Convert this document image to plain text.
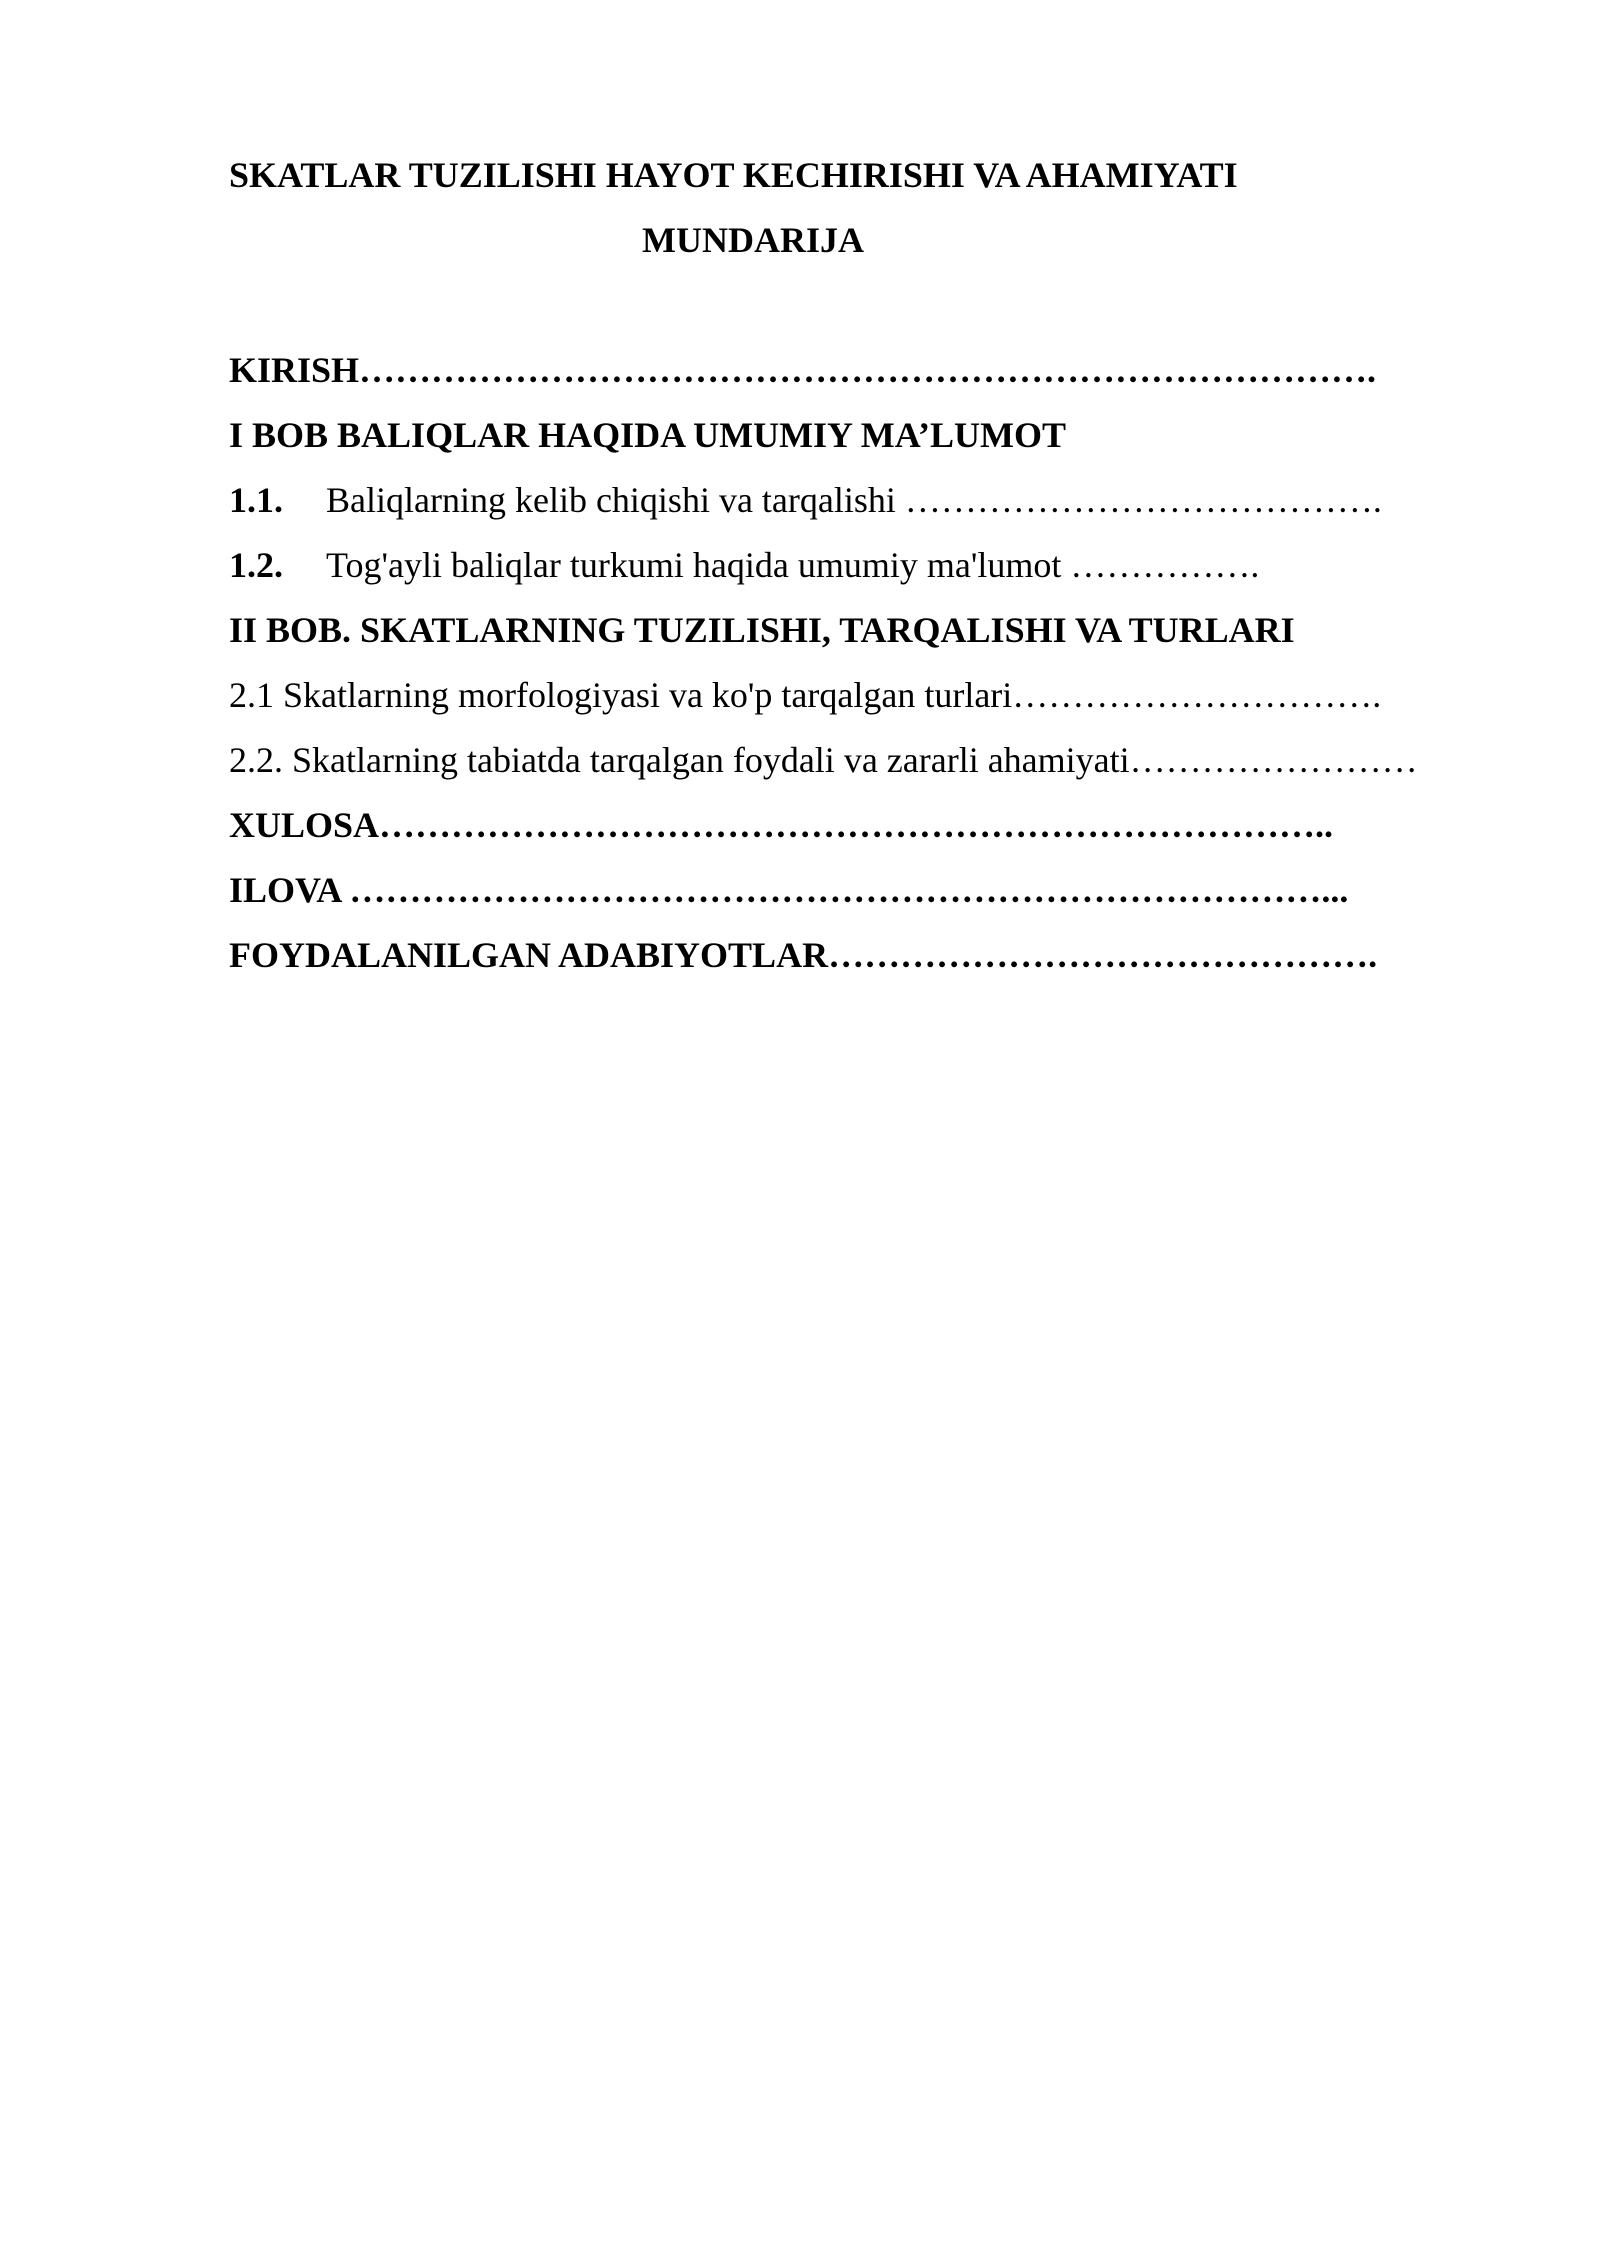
SKATLAR TUZILISHI HAYOT KECHIRISHI VA AHAMIYATI
MUNDARIJA
KIRISH………………………………………………………………………….
I BOB BALIQLAR HAQIDA UMUMIY MA’LUMOT
1.1. Baliqlarning kelib chiqishi va tarqalishi ………………………………….
1.2. Tog'ayli baliqlar turkumi haqida umumiy ma'lumot …………….
II BOB. SKATLARNING TUZILISHI, TARQALISHI VA TURLARI
2.1 Skatlarning morfologiyasi va ko'p tarqalgan turlari………………………….
2.2. Skatlarning tabiatda tarqalgan foydali va zararli ahamiyati……………………
XULOSA……………………………………………………………………..
ILOVA ………………………………………………………………………...
FOYDALANILGAN ADABIYOTLAR……………………………………….
